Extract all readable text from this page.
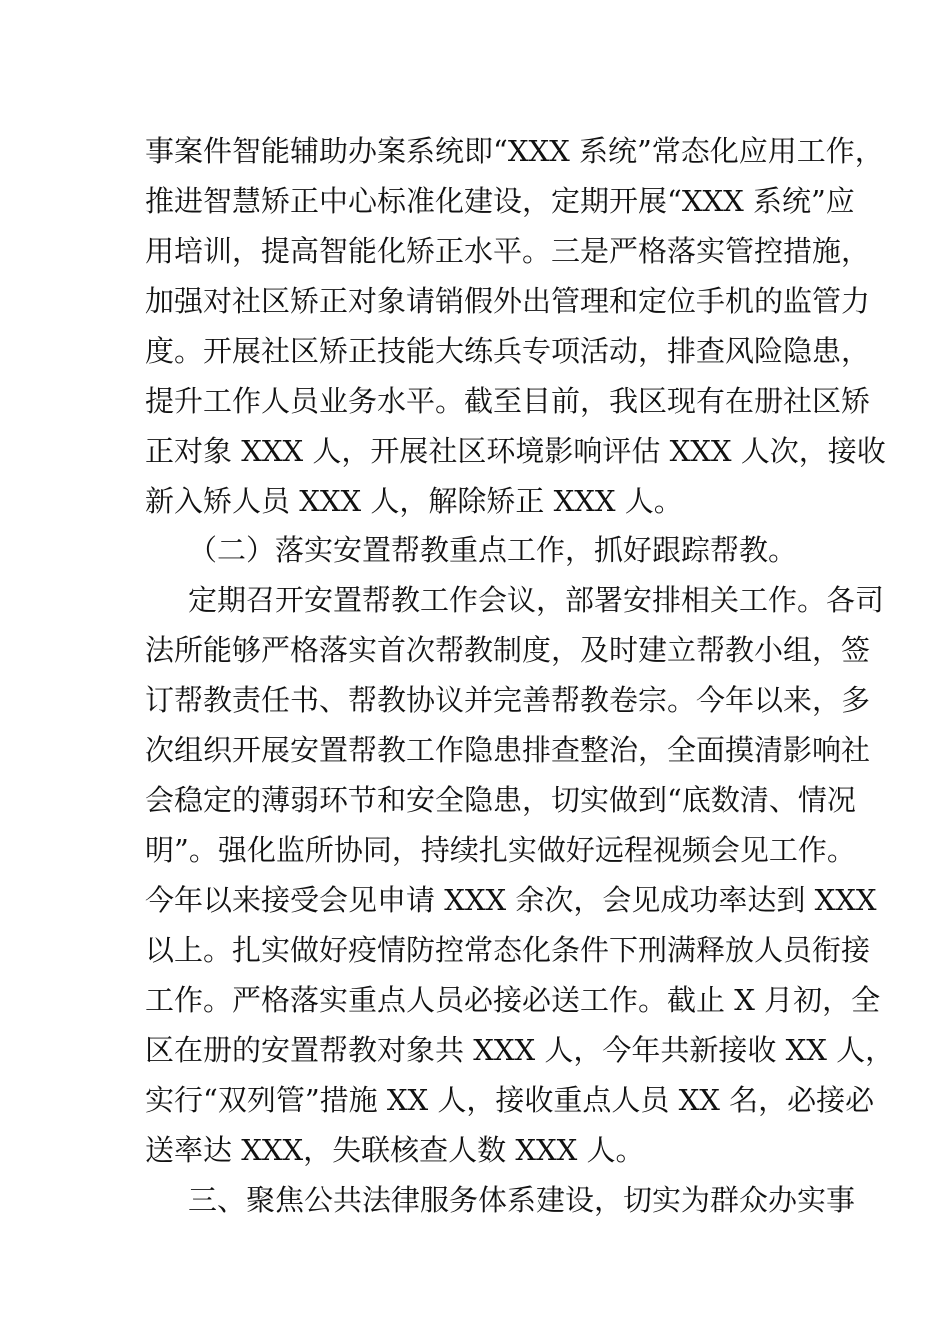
事案件智能辅助办案系统即“XXX 系统”常态化应用工作，
推进智慧矫正中心标准化建设，定期开展“XXX 系统”应
用培训，提高智能化矫正水平。三是严格落实管控措施，
加强对社区矫正对象请销假外出管理和定位手机的监管力
度。开展社区矫正技能大练兵专项活动，排查风险隐患，
提升工作人员业务水平。截至目前，我区现有在册社区矫
正对象 XXX 人，开展社区环境影响评估 XXX 人次，接收
新入矫人员 XXX 人，解除矫正 XXX 人。
（二）落实安置帮教重点工作，抓好跟踪帮教。
定期召开安置帮教工作会议，部署安排相关工作。各司
法所能够严格落实首次帮教制度，及时建立帮教小组，签
订帮教责任书、帮教协议并完善帮教卷宗。今年以来，多
次组织开展安置帮教工作隐患排查整治，全面摸清影响社
会稳定的薄弱环节和安全隐患，切实做到“底数清、情况
明”。强化监所协同，持续扎实做好远程视频会见工作。
今年以来接受会见申请 XXX 余次，会见成功率达到 XXX
以上。扎实做好疫情防控常态化条件下刑满释放人员衔接
工作。严格落实重点人员必接必送工作。截止 X 月初，全
区在册的安置帮教对象共 XXX 人，今年共新接收 XX 人，
实行“双列管”措施 XX 人，接收重点人员 XX 名，必接必
送率达 XXX，失联核查人数 XXX 人。
三、聚焦公共法律服务体系建设，切实为群众办实事
